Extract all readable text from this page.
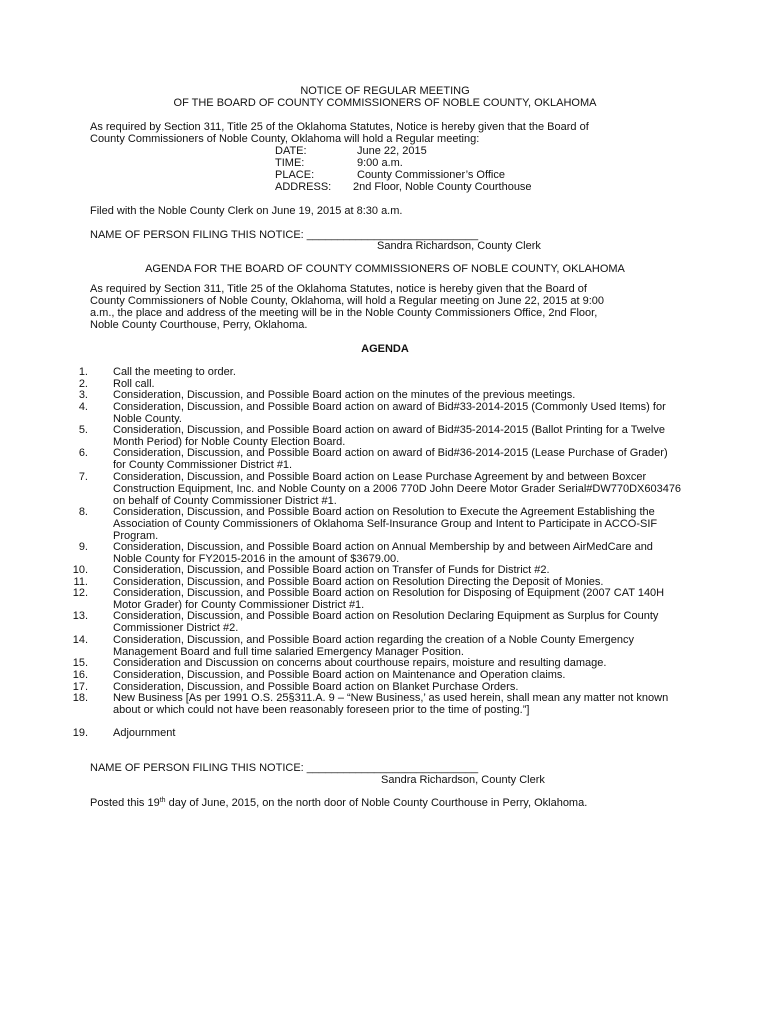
NOTICE OF REGULAR MEETING
OF THE BOARD OF COUNTY COMMISSIONERS OF NOBLE COUNTY, OKLAHOMA
As required by Section 311, Title 25 of the Oklahoma Statutes, Notice is hereby given that the Board of
County Commissioners of Noble County, Oklahoma will hold a Regular meeting:
DATE:	June 22, 2015
TIME:	9:00 a.m.
PLACE:	County Commissioner’s Office
ADDRESS: 2nd Floor, Noble County Courthouse
Filed with the Noble County Clerk on June 19, 2015 at 8:30 a.m.
NAME OF PERSON FILING THIS NOTICE: ____________________________
Sandra Richardson, County Clerk
AGENDA FOR THE BOARD OF COUNTY COMMISSIONERS OF NOBLE COUNTY, OKLAHOMA
As required by Section 311, Title 25 of the Oklahoma Statutes, notice is hereby given that the Board of
County Commissioners of Noble County, Oklahoma, will hold a Regular meeting on June 22, 2015 at 9:00
a.m., the place and address of the meeting will be in the Noble County Commissioners Office, 2nd Floor,
Noble County Courthouse, Perry, Oklahoma.
AGENDA
1. Call the meeting to order.
2. Roll call.
3. Consideration, Discussion, and Possible Board action on the minutes of the previous meetings.
4. Consideration, Discussion, and Possible Board action on award of Bid#33-2014-2015 (Commonly Used Items) for Noble County.
5. Consideration, Discussion, and Possible Board action on award of Bid#35-2014-2015 (Ballot Printing for a Twelve Month Period) for Noble County Election Board.
6. Consideration, Discussion, and Possible Board action on award of Bid#36-2014-2015 (Lease Purchase of Grader) for County Commissioner District #1.
7. Consideration, Discussion, and Possible Board action on Lease Purchase Agreement by and between Boxcer Construction Equipment, Inc. and Noble County on a 2006 770D John Deere Motor Grader Serial#DW770DX603476 on behalf of County Commissioner District #1.
8. Consideration, Discussion, and Possible Board action on Resolution to Execute the Agreement Establishing the Association of County Commissioners of Oklahoma Self-Insurance Group and Intent to Participate in ACCO-SIF Program.
9. Consideration, Discussion, and Possible Board action on Annual Membership by and between AirMedCare and Noble County for FY2015-2016 in the amount of $3679.00.
10. Consideration, Discussion, and Possible Board action on Transfer of Funds for District #2.
11. Consideration, Discussion, and Possible Board action on Resolution Directing the Deposit of Monies.
12. Consideration, Discussion, and Possible Board action on Resolution for Disposing of Equipment (2007 CAT 140H Motor Grader) for County Commissioner District #1.
13. Consideration, Discussion, and Possible Board action on Resolution Declaring Equipment as Surplus for County Commissioner District #2.
14. Consideration, Discussion, and Possible Board action regarding the creation of a Noble County Emergency Management Board and full time salaried Emergency Manager Position.
15. Consideration and Discussion on concerns about courthouse repairs, moisture and resulting damage.
16. Consideration, Discussion, and Possible Board action on Maintenance and Operation claims.
17. Consideration, Discussion, and Possible Board action on Blanket Purchase Orders.
18. New Business [As per 1991 O.S. 25§311.A. 9 – “New Business,’ as used herein, shall mean any matter not known about or which could not have been reasonably foreseen prior to the time of posting.”]
19. Adjournment
NAME OF PERSON FILING THIS NOTICE: ____________________________
Sandra Richardson, County Clerk
Posted this 19th day of June, 2015, on the north door of Noble County Courthouse in Perry, Oklahoma.
